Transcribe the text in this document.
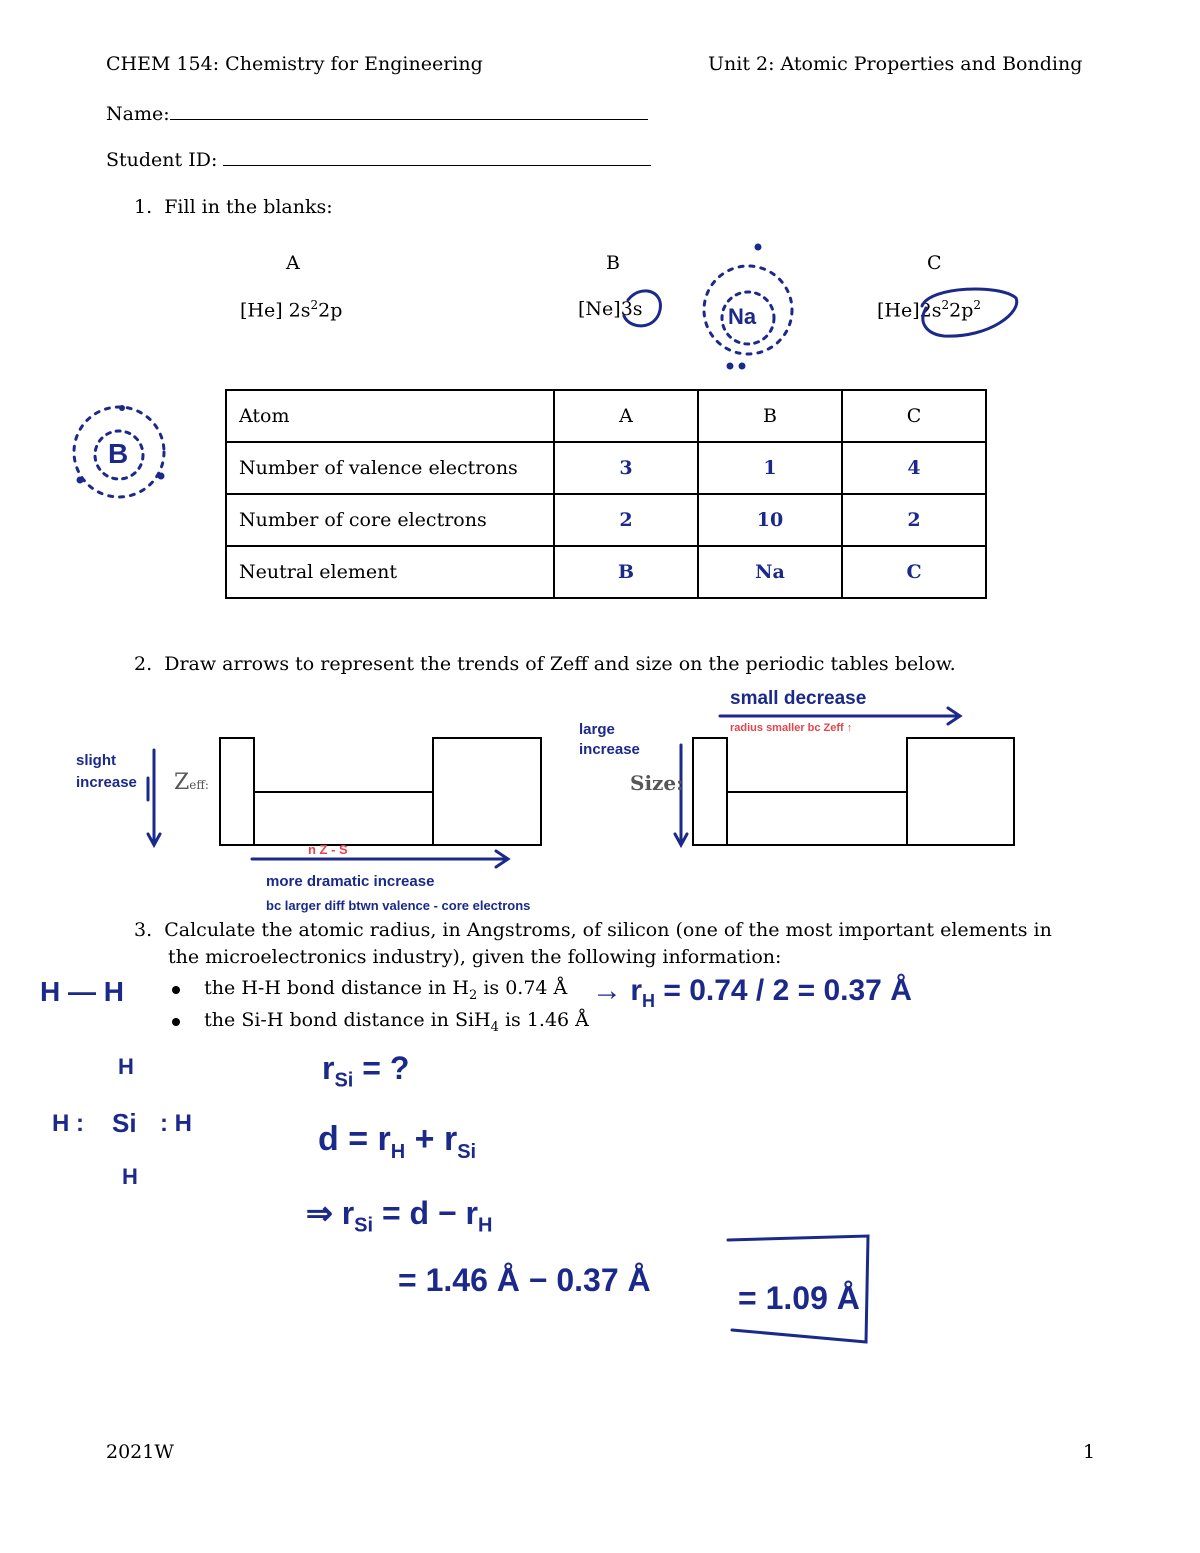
CHEM 154: Chemistry for Engineering	Unit 2: Atomic Properties and Bonding
Name:
Student ID:
1. Fill in the blanks:
A	B	C
[He] $2s^22p$	[Ne]3s	$[He]2s^22p^2$
Na
B
Atom	A	B	C
Number of valence electrons	3	1	4
Number of core electrons	2	10	2
Neutral element	B	Na	C
2. Draw arrows to represent the trends of Zeff and size on the periodic tables below.
Zeff:	Size:
slight
increase
n Z - S
more dramatic increase
bc larger diff btwn valence - core electrons
large
increase
small decrease
radius smaller bc Zeff ↑
3. Calculate the atomic radius, in Angstroms, of silicon (one of the most important elements in
the microelectronics industry), given the following information:
the H-H bond distance in $H_2$ is 0.74 Å
the Si-H bond distance in SiH$_4$ is 1.46 Å
H — H	→ $r_H = 0.74 / 2 = 0.37$ Å
H
H : Si : H
H
$r_{Si}$ = ?
$d = r_H + r_{Si}$
⇒ $r_{Si} = d - r_H$
= 1.46 Å − 0.37 Å	= 1.09 Å
2021W	1
